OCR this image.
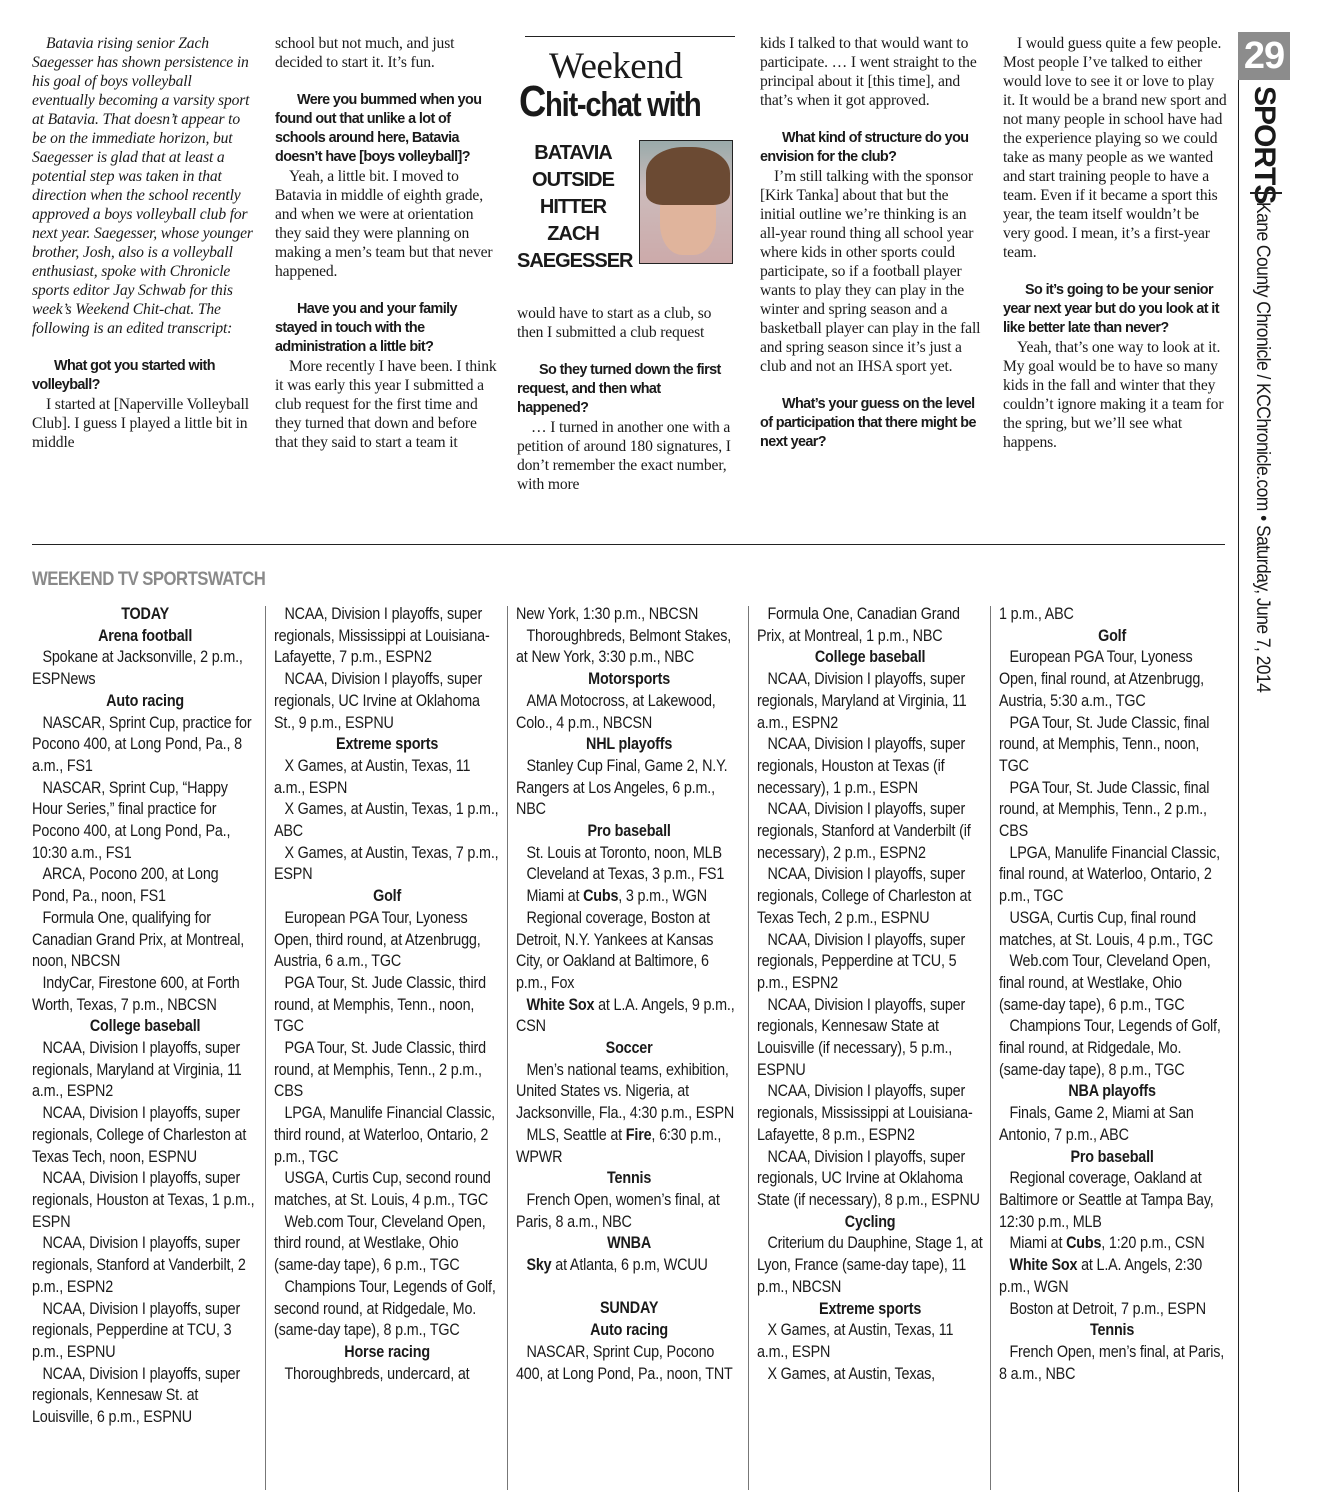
Batavia rising senior Zach Saegesser has shown persistence in his goal of boys volleyball eventually becoming a varsity sport at Batavia. That doesn’t appear to be on the immediate horizon, but Saegesser is glad that at least a potential step was taken in that direction when the school recently approved a boys volleyball club for next year. Saegesser, whose younger brother, Josh, also is a volleyball enthusiast, spoke with Chronicle sports editor Jay Schwab for this week’s Weekend Chit-chat. The following is an edited transcript:

What got you started with volleyball?

I started at [Naperville Volleyball Club]. I guess I played a little bit in middle

school but not much, and just decided to start it. It’s fun.

Were you bummed when you found out that unlike a lot of schools around here, Batavia doesn’t have [boys volleyball]?

Yeah, a little bit. I moved to Batavia in middle of eighth grade, and when we were at orientation they said they were planning on making a men’s team but that never happened.

Have you and your family stayed in touch with the administration a little bit?

More recently I have been. I think it was early this year I submitted a club request for the first time and they turned that down and before that they said to start a team it

Weekend
Chit-chat with
BATAVIA OUTSIDE HITTER ZACH SAEGESSER

would have to start as a club, so then I submitted a club request

So they turned down the first request, and then what happened?

… I turned in another one with a petition of around 180 signatures, I don’t remember the exact number, with more

kids I talked to that would want to participate. … I went straight to the principal about it [this time], and that’s when it got approved.

What kind of structure do you envision for the club?

I’m still talking with the sponsor [Kirk Tanka] about that but the initial outline we’re thinking is an all-year round thing all school year where kids in other sports could participate, so if a football player wants to play they can play in the winter and spring season and a basketball player can play in the fall and spring season since it’s just a club and not an IHSA sport yet.

What’s your guess on the level of participation that there might be next year?

I would guess quite a few people. Most people I’ve talked to either would love to see it or love to play it. It would be a brand new sport and not many people in school have had the experience playing so we could take as many people as we wanted and start training people to have a team. Even if it became a sport this year, the team itself wouldn’t be very good. I mean, it’s a first-year team.

So it’s going to be your senior year next year but do you look at it like better late than never?

Yeah, that’s one way to look at it. My goal would be to have so many kids in the fall and winter that they couldn’t ignore making it a team for the spring, but we’ll see what happens.

29
SPORTS
Kane County Chronicle / KCChronicle.com • Saturday, June 7, 2014
WEEKEND TV SPORTSWATCH
TODAY
Arena football
Spokane at Jacksonville, 2 p.m., ESPNews
Auto racing
NASCAR, Sprint Cup, practice for Pocono 400, at Long Pond, Pa., 8 a.m., FS1
NASCAR, Sprint Cup, “Happy Hour Series,” final practice for Pocono 400, at Long Pond, Pa., 10:30 a.m., FS1
ARCA, Pocono 200, at Long Pond, Pa., noon, FS1
Formula One, qualifying for Canadian Grand Prix, at Montreal, noon, NBCSN
IndyCar, Firestone 600, at Forth Worth, Texas, 7 p.m., NBCSN
College baseball
NCAA, Division I playoffs, super regionals, Maryland at Virginia, 11 a.m., ESPN2
NCAA, Division I playoffs, super regionals, College of Charleston at Texas Tech, noon, ESPNU
NCAA, Division I playoffs, super regionals, Houston at Texas, 1 p.m., ESPN
NCAA, Division I playoffs, super regionals, Stanford at Vanderbilt, 2 p.m., ESPN2
NCAA, Division I playoffs, super regionals, Pepperdine at TCU, 3 p.m., ESPNU
NCAA, Division I playoffs, super regionals, Kennesaw St. at Louisville, 6 p.m., ESPNU
NCAA, Division I playoffs, super regionals, Mississippi at Louisiana-Lafayette, 7 p.m., ESPN2
NCAA, Division I playoffs, super regionals, UC Irvine at Oklahoma St., 9 p.m., ESPNU
Extreme sports
X Games, at Austin, Texas, 11 a.m., ESPN
X Games, at Austin, Texas, 1 p.m., ABC
X Games, at Austin, Texas, 7 p.m., ESPN
Golf
European PGA Tour, Lyoness Open, third round, at Atzenbrugg, Austria, 6 a.m., TGC
PGA Tour, St. Jude Classic, third round, at Memphis, Tenn., noon, TGC
PGA Tour, St. Jude Classic, third round, at Memphis, Tenn., 2 p.m., CBS
LPGA, Manulife Financial Classic, third round, at Waterloo, Ontario, 2 p.m., TGC
USGA, Curtis Cup, second round matches, at St. Louis, 4 p.m., TGC
Web.com Tour, Cleveland Open, third round, at Westlake, Ohio (same-day tape), 6 p.m., TGC
Champions Tour, Legends of Golf, second round, at Ridgedale, Mo. (same-day tape), 8 p.m., TGC
Horse racing
Thoroughbreds, undercard, at
New York, 1:30 p.m., NBCSN
Thoroughbreds, Belmont Stakes, at New York, 3:30 p.m., NBC
Motorsports
AMA Motocross, at Lakewood, Colo., 4 p.m., NBCSN
NHL playoffs
Stanley Cup Final, Game 2, N.Y. Rangers at Los Angeles, 6 p.m., NBC
Pro baseball
St. Louis at Toronto, noon, MLB
Cleveland at Texas, 3 p.m., FS1
Miami at Cubs, 3 p.m., WGN
Regional coverage, Boston at Detroit, N.Y. Yankees at Kansas City, or Oakland at Baltimore, 6 p.m., Fox
White Sox at L.A. Angels, 9 p.m., CSN
Soccer
Men’s national teams, exhibition, United States vs. Nigeria, at Jacksonville, Fla., 4:30 p.m., ESPN
MLS, Seattle at Fire, 6:30 p.m., WPWR
Tennis
French Open, women’s final, at Paris, 8 a.m., NBC
WNBA
Sky at Atlanta, 6 p.m, WCUU
SUNDAY
Auto racing
NASCAR, Sprint Cup, Pocono 400, at Long Pond, Pa., noon, TNT
Formula One, Canadian Grand Prix, at Montreal, 1 p.m., NBC
College baseball
NCAA, Division I playoffs, super regionals, Maryland at Virginia, 11 a.m., ESPN2
NCAA, Division I playoffs, super regionals, Houston at Texas (if necessary), 1 p.m., ESPN
NCAA, Division I playoffs, super regionals, Stanford at Vanderbilt (if necessary), 2 p.m., ESPN2
NCAA, Division I playoffs, super regionals, College of Charleston at Texas Tech, 2 p.m., ESPNU
NCAA, Division I playoffs, super regionals, Pepperdine at TCU, 5 p.m., ESPN2
NCAA, Division I playoffs, super regionals, Kennesaw State at Louisville (if necessary), 5 p.m., ESPNU
NCAA, Division I playoffs, super regionals, Mississippi at Louisiana-Lafayette, 8 p.m., ESPN2
NCAA, Division I playoffs, super regionals, UC Irvine at Oklahoma State (if necessary), 8 p.m., ESPNU
Cycling
Criterium du Dauphine, Stage 1, at Lyon, France (same-day tape), 11 p.m., NBCSN
Extreme sports
X Games, at Austin, Texas, 11 a.m., ESPN
X Games, at Austin, Texas,
1 p.m., ABC
Golf
European PGA Tour, Lyoness Open, final round, at Atzenbrugg, Austria, 5:30 a.m., TGC
PGA Tour, St. Jude Classic, final round, at Memphis, Tenn., noon, TGC
PGA Tour, St. Jude Classic, final round, at Memphis, Tenn., 2 p.m., CBS
LPGA, Manulife Financial Classic, final round, at Waterloo, Ontario, 2 p.m., TGC
USGA, Curtis Cup, final round matches, at St. Louis, 4 p.m., TGC
Web.com Tour, Cleveland Open, final round, at Westlake, Ohio (same-day tape), 6 p.m., TGC
Champions Tour, Legends of Golf, final round, at Ridgedale, Mo. (same-day tape), 8 p.m., TGC
NBA playoffs
Finals, Game 2, Miami at San Antonio, 7 p.m., ABC
Pro baseball
Regional coverage, Oakland at Baltimore or Seattle at Tampa Bay, 12:30 p.m., MLB
Miami at Cubs, 1:20 p.m., CSN
White Sox at L.A. Angels, 2:30 p.m., WGN
Boston at Detroit, 7 p.m., ESPN
Tennis
French Open, men’s final, at Paris, 8 a.m., NBC
